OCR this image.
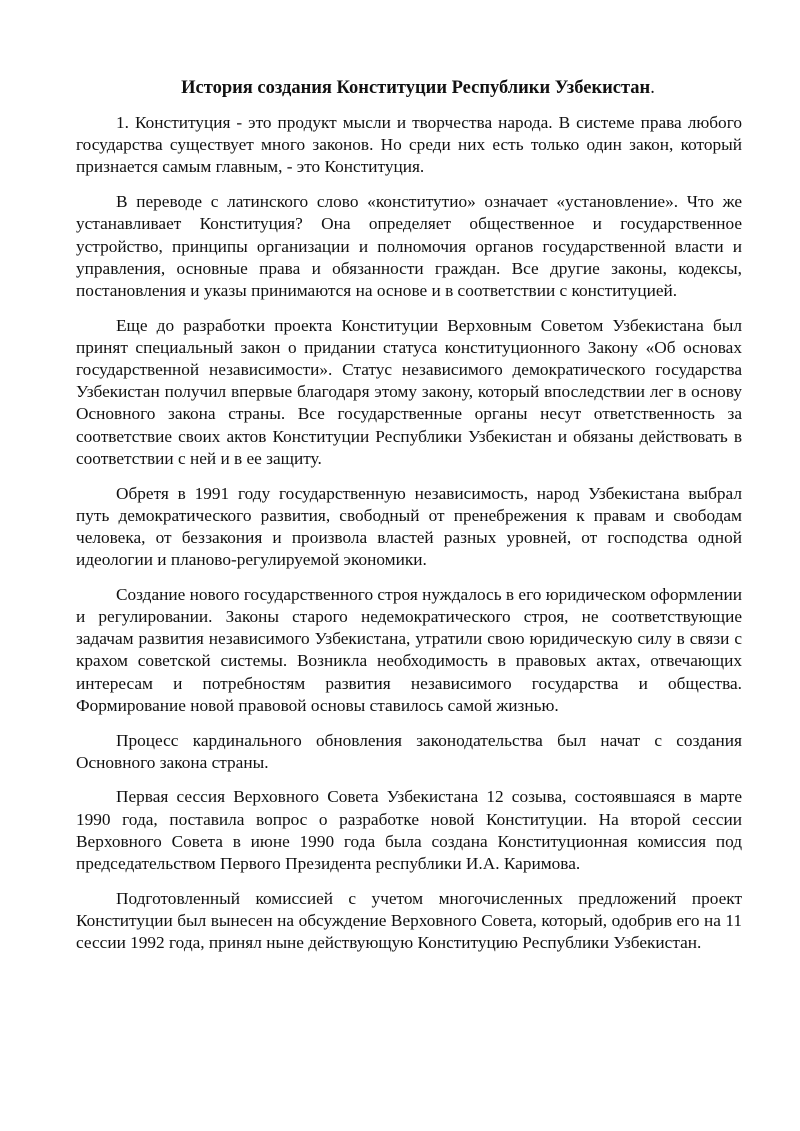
История создания Конституции Республики Узбекистан.

1. Конституция - это продукт мысли и творчества народа. В системе права любого государства существует много законов. Но среди них есть только один закон, который признается самым главным, - это Конституция.

В переводе с латинского слово «конститутио» означает «установление». Что же устанавливает Конституция? Она определяет общественное и государственное устройство, принципы организации и полномочия органов государственной власти и управления, основные права и обязанности граждан. Все другие законы, кодексы, постановления и указы принимаются на основе и в соответствии с конституцией.

Еще до разработки проекта Конституции Верховным Советом Узбекистана был принят специальный закон о придании статуса конституционного Закону «Об основах государственной независимости». Статус независимого демократического государства Узбекистан получил впервые благодаря этому закону, который впоследствии лег в основу Основного закона страны. Все государственные органы несут ответственность за соответствие своих актов Конституции Республики Узбекистан и обязаны действовать в соответствии с ней и в ее защиту.

Обретя в 1991 году государственную независимость, народ Узбекистана выбрал путь демократического развития, свободный от пренебрежения к правам и свободам человека, от беззакония и произвола властей разных уровней, от господства одной идеологии и планово-регулируемой экономики.

Создание нового государственного строя нуждалось в его юридическом оформлении и регулировании. Законы старого недемократического строя, не соответствующие задачам развития независимого Узбекистана, утратили свою юридическую силу в связи с крахом советской системы. Возникла необходимость в правовых актах, отвечающих интересам и потребностям развития независимого государства и общества. Формирование новой правовой основы ставилось самой жизнью.

Процесс кардинального обновления законодательства был начат с создания Основного закона страны.

Первая сессия Верховного Совета Узбекистана 12 созыва, состоявшаяся в марте 1990 года, поставила вопрос о разработке новой Конституции. На второй сессии Верховного Совета в июне 1990 года была создана Конституционная комиссия под председательством Первого Президента республики И.А. Каримова.

Подготовленный комиссией с учетом многочисленных предложений проект Конституции был вынесен на обсуждение Верховного Совета, который, одобрив его на 11 сессии 1992 года, принял ныне действующую Конституцию Республики Узбекистан.
